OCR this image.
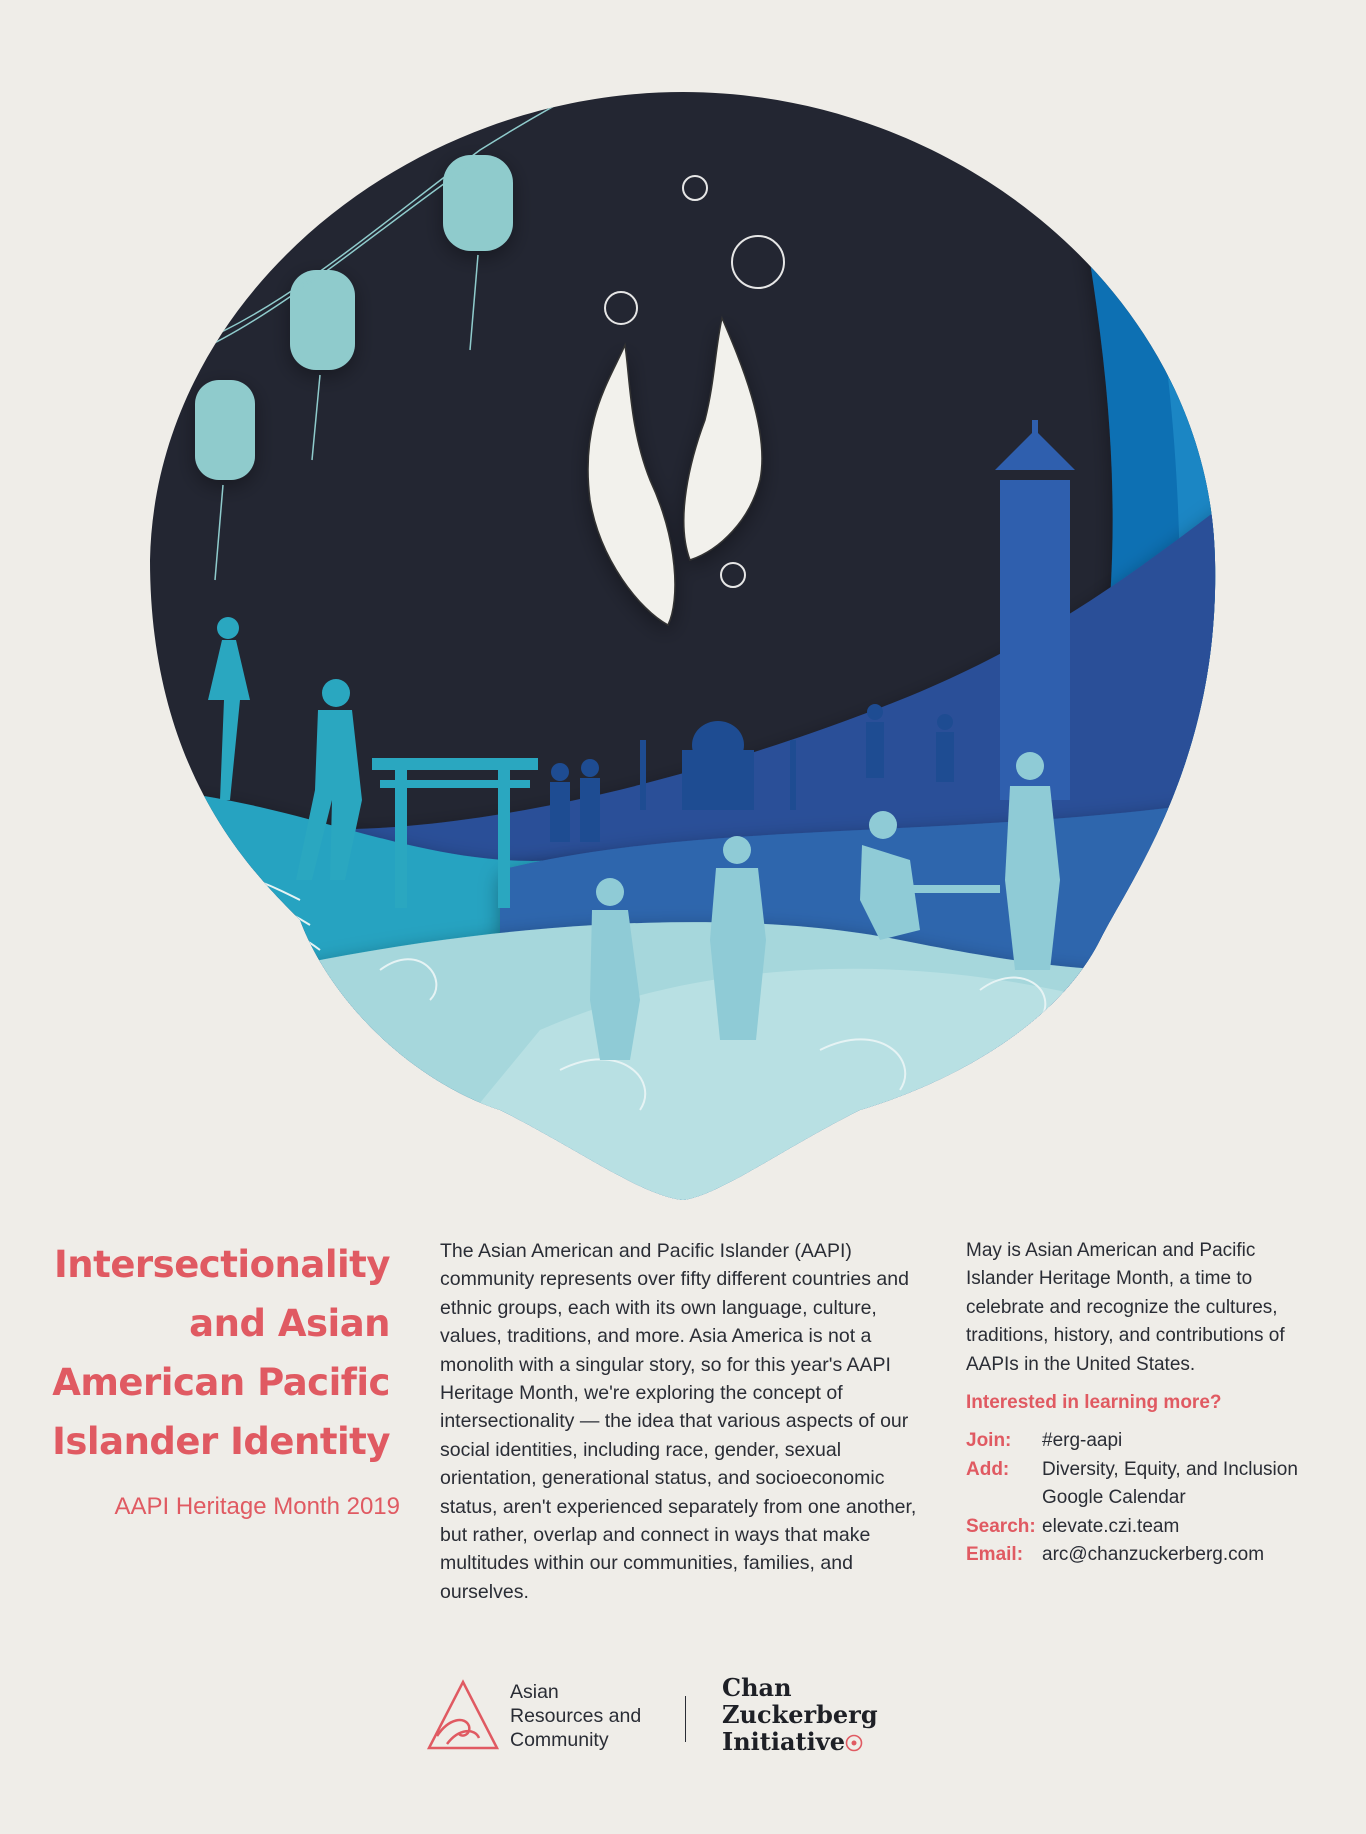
Intersectionality and Asian American Pacific Islander Identity

AAPI Heritage Month 2019

The Asian American and Pacific Islander (AAPI) community represents over fifty different countries and ethnic groups, each with its own language, culture, values, traditions, and more. Asia America is not a monolith with a singular story, so for this year's AAPI Heritage Month, we're exploring the concept of intersectionality — the idea that various aspects of our social identities, including race, gender, sexual orientation, generational status, and socioeconomic status, aren't experienced separately from one another, but rather, overlap and connect in ways that make multitudes within our communities, families, and ourselves.

May is Asian American and Pacific Islander Heritage Month, a time to celebrate and recognize the cultures, traditions, history, and contributions of AAPIs in the United States.

Interested in learning more?

Join:	#erg-aapi
Add:	Diversity, Equity, and Inclusion Google Calendar
Search:	elevate.czi.team
Email:	arc@chanzuckerberg.com

Asian
Resources and
Community

Chan
Zuckerberg
Initiative
